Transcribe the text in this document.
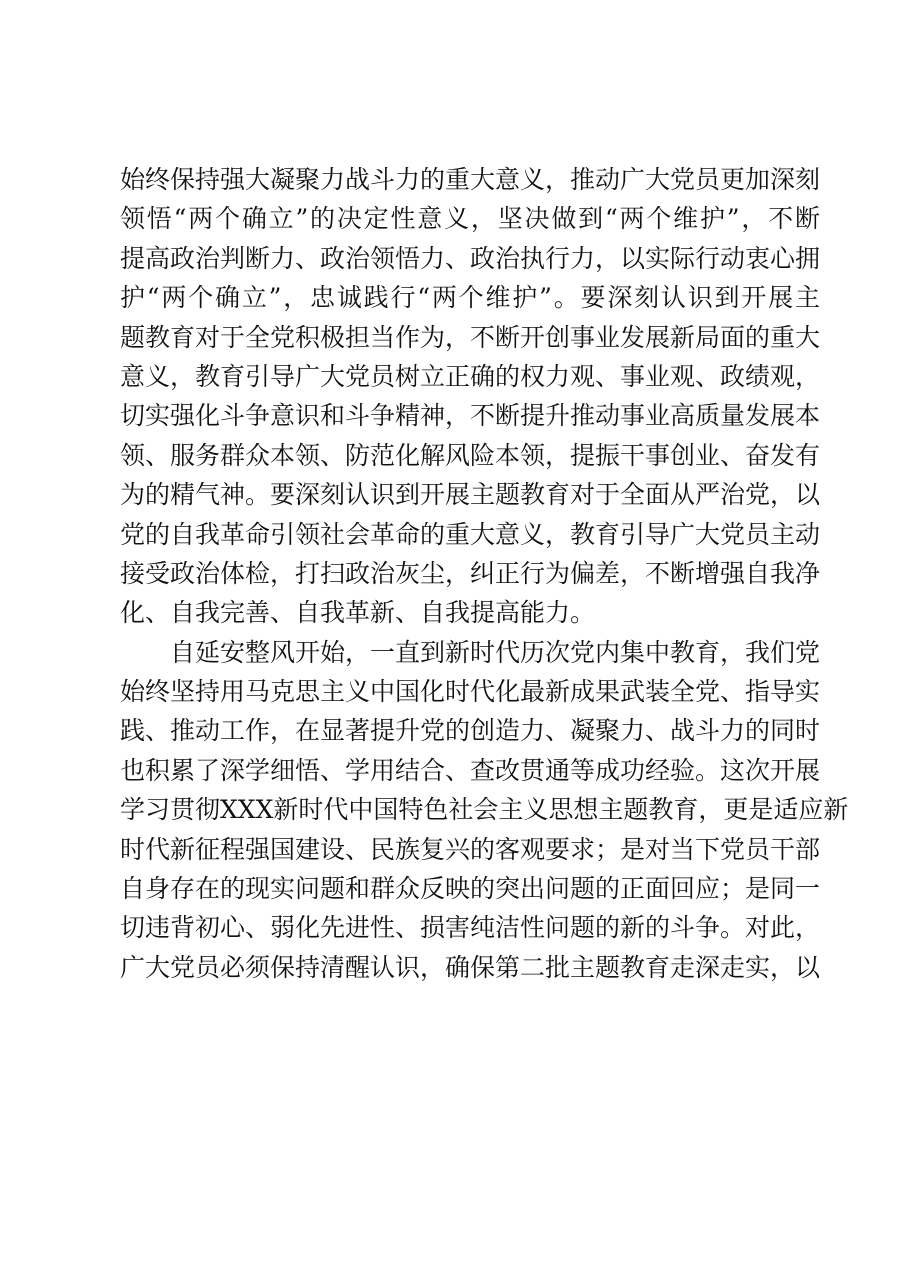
始终保持强大凝聚力战斗力的重大意义，推动广大党员更加深刻
领悟“两个确立”的决定性意义，坚决做到“两个维护”，不断
提高政治判断力、政治领悟力、政治执行力，以实际行动衷心拥
护“两个确立”，忠诚践行“两个维护”。要深刻认识到开展主
题教育对于全党积极担当作为，不断开创事业发展新局面的重大
意义，教育引导广大党员树立正确的权力观、事业观、政绩观，
切实强化斗争意识和斗争精神，不断提升推动事业高质量发展本
领、服务群众本领、防范化解风险本领，提振干事创业、奋发有
为的精气神。要深刻认识到开展主题教育对于全面从严治党，以
党的自我革命引领社会革命的重大意义，教育引导广大党员主动
接受政治体检，打扫政治灰尘，纠正行为偏差，不断增强自我净
化、自我完善、自我革新、自我提高能力。
　　自延安整风开始，一直到新时代历次党内集中教育，我们党
始终坚持用马克思主义中国化时代化最新成果武装全党、指导实
践、推动工作，在显著提升党的创造力、凝聚力、战斗力的同时
也积累了深学细悟、学用结合、查改贯通等成功经验。这次开展
学习贯彻XXX新时代中国特色社会主义思想主题教育，更是适应新
时代新征程强国建设、民族复兴的客观要求；是对当下党员干部
自身存在的现实问题和群众反映的突出问题的正面回应；是同一
切违背初心、弱化先进性、损害纯洁性问题的新的斗争。对此，
广大党员必须保持清醒认识，确保第二批主题教育走深走实，以
